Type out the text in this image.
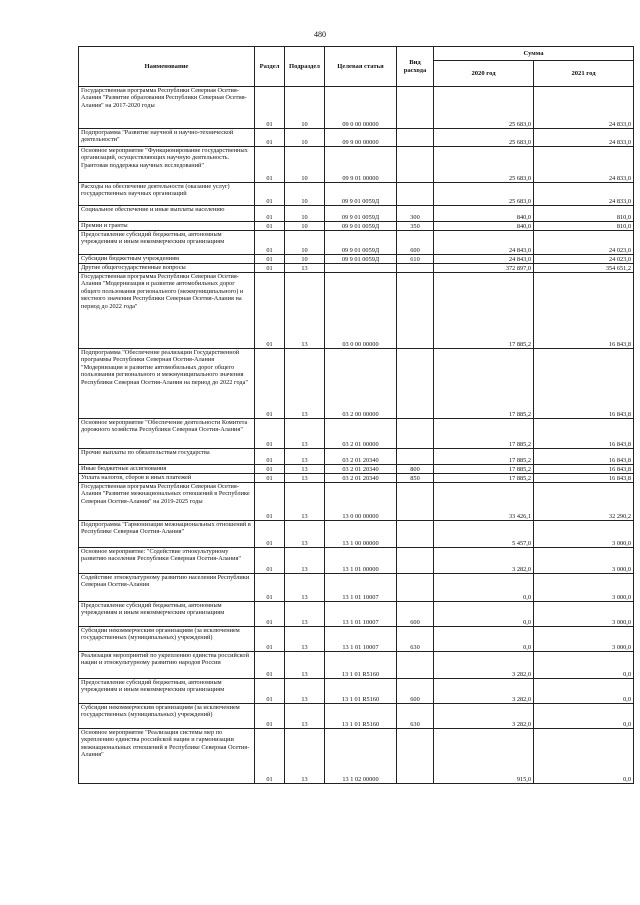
480
Наименование	Раздел	Подраздел	Целевая статья	Вид расхода	Сумма	
					2020 год	2021 год
Государственная программа Республики Северная Осетия-Алания "Развитие образования Республики Северная Осетия-Алания" на 2017-2020 годы	01	10	09 0 00 00000		25 683,0	24 833,0
Подпрограмма "Развитие научной и научно-технической деятельности"	01	10	09 9 00 00000		25 683,0	24 833,0
Основное мероприятие "Функционирование государственных организаций, осуществляющих научную деятельность. Грантовая поддержка научных исследований"	01	10	09 9 01 00000		25 683,0	24 833,0
Расходы на обеспечение деятельности (оказание услуг) государственных научных организаций	01	10	09 9 01 0059Д		25 683,0	24 833,0
Социальное обеспечение и иные выплаты населению	01	10	09 9 01 0059Д	300	840,0	810,0
Премии и гранты	01	10	09 9 01 0059Д	350	840,0	810,0
Предоставление субсидий бюджетным, автономным учреждениям и иным некоммерческим организациям	01	10	09 9 01 0059Д	600	24 843,0	24 023,0
Субсидии бюджетным учреждениям	01	10	09 9 01 0059Д	610	24 843,0	24 023,0
Другие общегосударственные вопросы	01	13			372 897,0	354 651,2
Государственная программа Республики Северная Осетия-Алания "Модернизация и развитие автомобильных дорог общего пользования регионального (межмуниципального) и местного значения Республики Северная Осетия-Алания на период до 2022 года"	01	13	03 0 00 00000		17 885,2	16 843,8
Подпрограмма "Обеспечение реализации Государственной программы Республики Северная Осетия-Алания "Модернизация и развитие автомобильных дорог общего пользования регионального и межмуниципального значения Республики Северная Осетия-Алания на период до 2022 года"	01	13	03 2 00 00000		17 885,2	16 843,8
Основное мероприятие "Обеспечение деятельности Комитета дорожного хозяйства Республики Северная Осетия-Алания"	01	13	03 2 01 00000		17 885,2	16 843,8
Прочие выплаты по обязательствам государства	01	13	03 2 01 20340		17 885,2	16 843,8
Иные бюджетные ассигнования	01	13	03 2 01 20340	800	17 885,2	16 843,8
Уплата налогов, сборов и иных платежей	01	13	03 2 01 20340	850	17 885,2	16 843,8
Государственная программа Республики Северная Осетия-Алания "Развитие межнациональных отношений в Республике Северная Осетия-Алания" на 2019-2025 годы	01	13	13 0 00 00000		33 426,1	32 290,2
Подпрограмма "Гармонизация межнациональных отношений в Республике Северная Осетия-Алания"	01	13	13 1 00 00000		5 457,0	3 000,0
Основное мероприятие: "Содействие этнокультурному развитию населения Республики Северная Осетия-Алания"	01	13	13 1 01 00000		3 282,0	3 000,0
Содействие этнокультурному развитию населения Республики Северная Осетия-Алания	01	13	13 1 01 10007		0,0	3 000,0
Предоставление субсидий бюджетным, автономным учреждениям и иным некоммерческим организациям	01	13	13 1 01 10007	600	0,0	3 000,0
Субсидии некоммерческим организациям (за исключением государственных (муниципальных) учреждений)	01	13	13 1 01 10007	630	0,0	3 000,0
Реализация мероприятий по укреплению единства российской нации и этнокультурному развитию народов России	01	13	13 1 01 R5160		3 282,0	0,0
Предоставление субсидий бюджетным, автономным учреждениям и иным некоммерческим организациям	01	13	13 1 01 R5160	600	3 282,0	0,0
Субсидии некоммерческим организациям (за исключением государственных (муниципальных) учреждений)	01	13	13 1 01 R5160	630	3 282,0	0,0
Основное мероприятие "Реализация системы мер по укреплению единства российской нации и гармонизации межнациональных отношений в Республике Северная Осетия-Алания"	01	13	13 1 02 00000		915,0	0,0
